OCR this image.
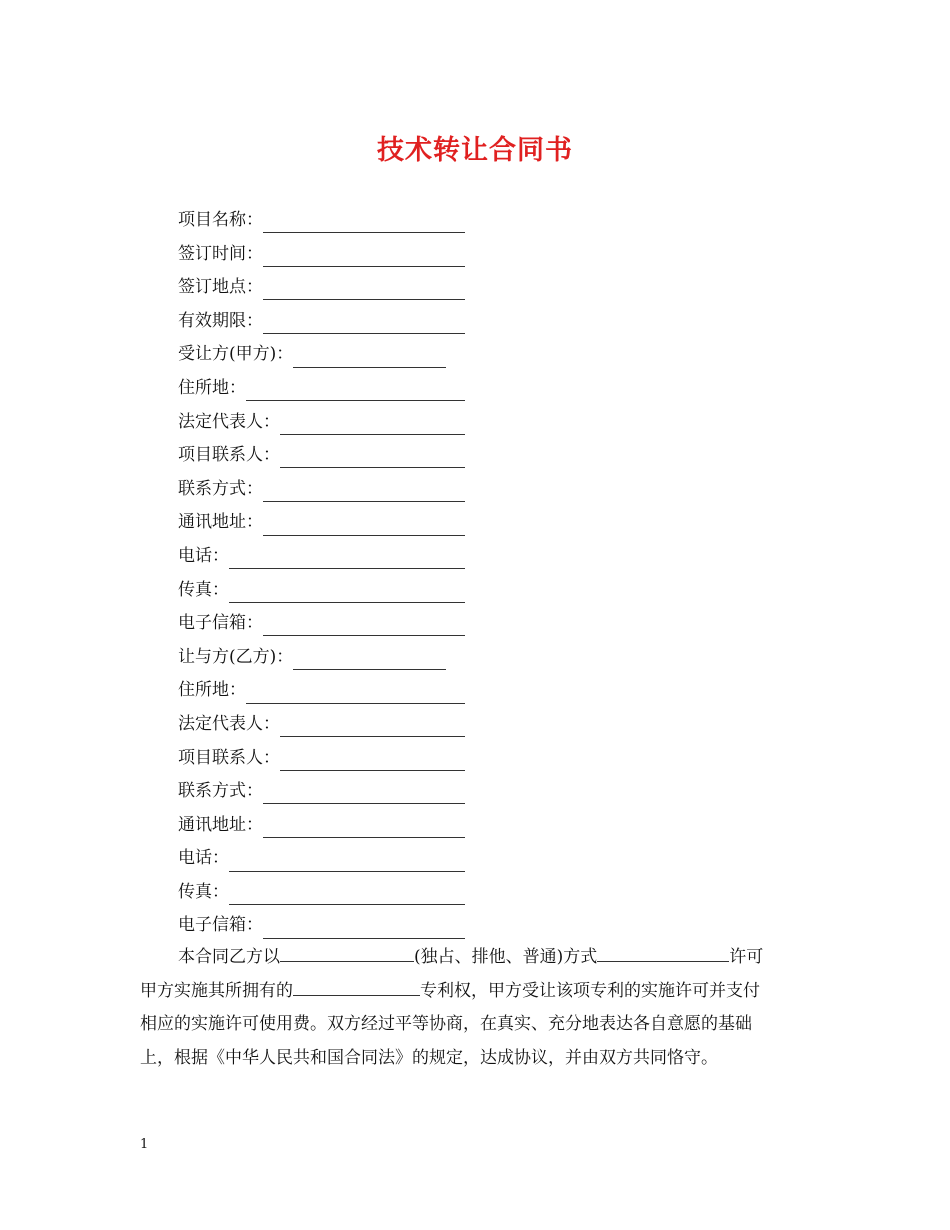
技术转让合同书
项目名称：
签订时间：
签订地点：
有效期限：
受让方(甲方)：
住所地：
法定代表人：
项目联系人：
联系方式：
通讯地址：
电话：
传真：
电子信箱：
让与方(乙方)：
住所地：
法定代表人：
项目联系人：
联系方式：
通讯地址：
电话：
传真：
电子信箱：
本合同乙方以	(独占、排他、普通)方式	许可
甲方实施其所拥有的	专利权，甲方受让该项专利的实施许可并支付
相应的实施许可使用费。双方经过平等协商，在真实、充分地表达各自意愿的基础
上，根据《中华人民共和国合同法》的规定，达成协议，并由双方共同恪守。
1
